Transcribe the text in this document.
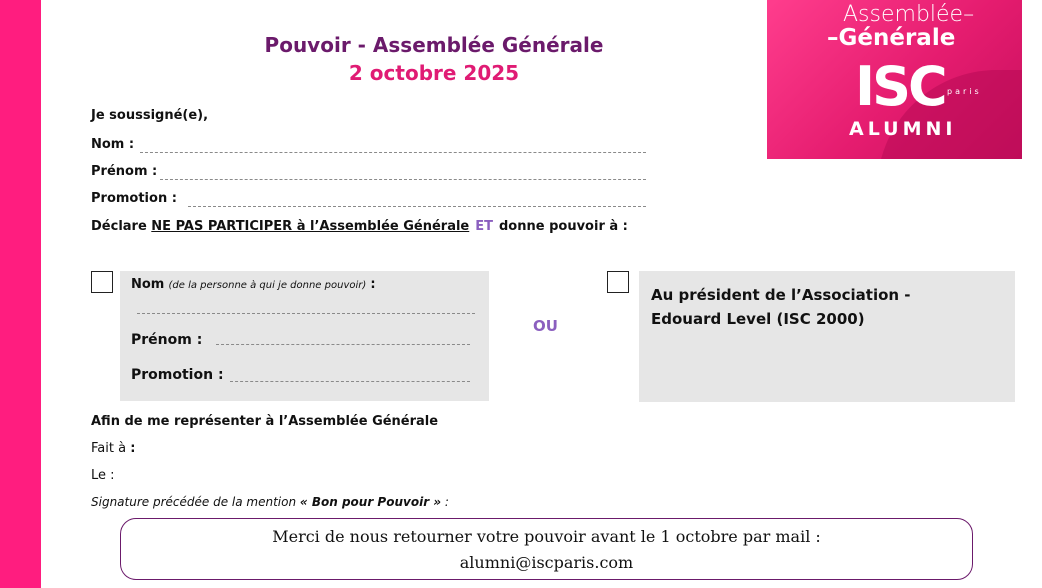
Assemblée–
–Générale
ISC paris
ALUMNI
Pouvoir - Assemblée Générale
2 octobre 2025
Je soussigné(e),
Nom :
Prénom :
Promotion :
Déclare NE PAS PARTICIPER à l’Assemblée Générale ET donne pouvoir à :
Nom (de la personne à qui je donne pouvoir) :
Prénom :
Promotion :
OU
Au président de l’Association -
Edouard Level (ISC 2000)
Afin de me représenter à l’Assemblée Générale
Fait à :
Le :
Signature précédée de la mention « Bon pour Pouvoir » :
Merci de nous retourner votre pouvoir avant le 1 octobre par mail :
alumni@iscparis.com
